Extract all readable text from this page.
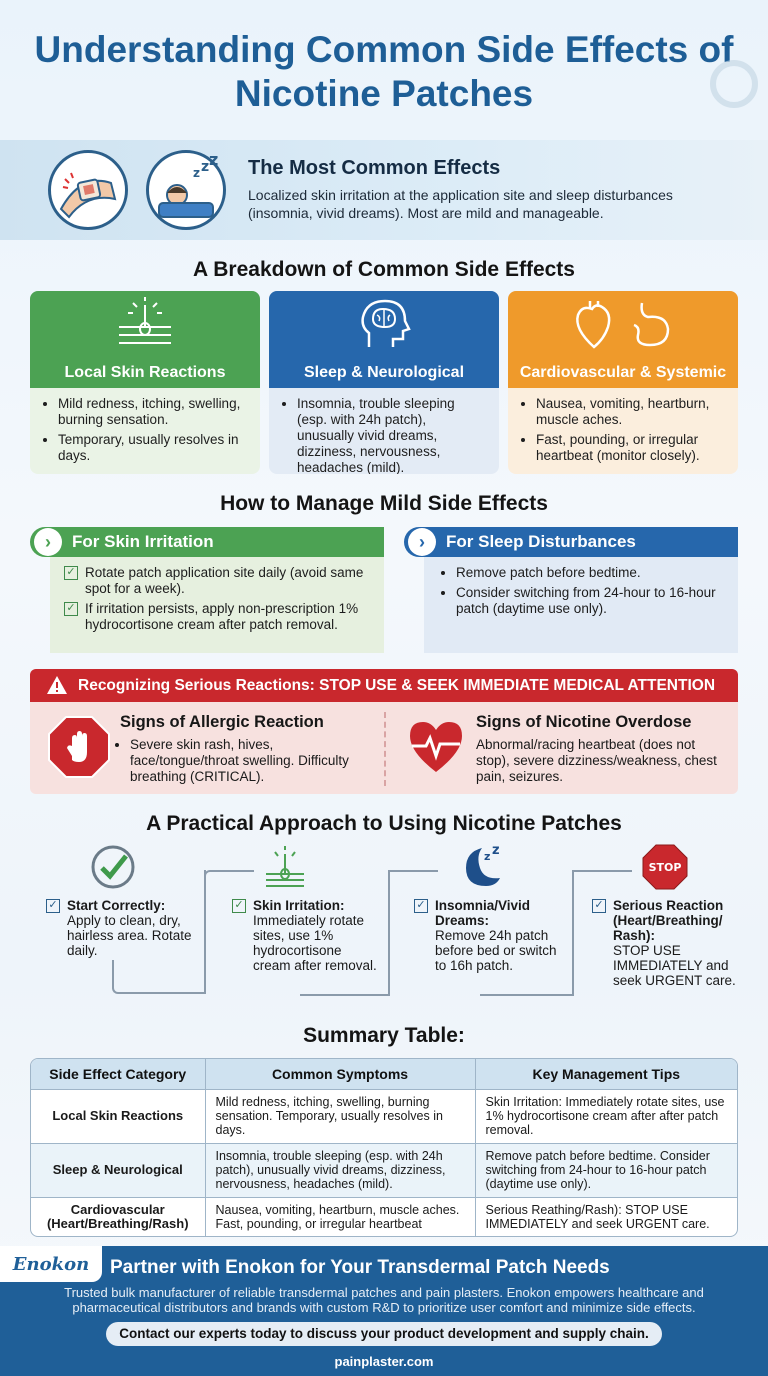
Understanding Common Side Effects of Nicotine Patches
z z z The Most Common Effects
Localized skin irritation at the application site and sleep disturbances (insomnia, vivid dreams). Most are mild and manageable.
A Breakdown of Common Side Effects
Local Skin Reactions
• Mild redness, itching, swelling, burning sensation.
• Temporary, usually resolves in days.
Sleep & Neurological
• Insomnia, trouble sleeping (esp. with 24h patch), unusually vivid dreams, dizziness, nervousness, headaches (mild).
Cardiovascular & Systemic
• Nausea, vomiting, heartburn, muscle aches.
• Fast, pounding, or irregular heartbeat (monitor closely).
How to Manage Mild Side Effects
›	For Skin Irritation
✓ Rotate patch application site daily (avoid same spot for a week).
✓ If irritation persists, apply non-prescription 1% hydrocortisone cream after patch removal.
›	For Sleep Disturbances
• Remove patch before bedtime.
• Consider switching from 24-hour to 16-hour patch (daytime use only).
Recognizing Serious Reactions: STOP USE & SEEK IMMEDIATE MEDICAL ATTENTION
Signs of Allergic Reaction
• Severe skin rash, hives, face/tongue/throat swelling. Difficulty breathing (CRITICAL).
Signs of Nicotine Overdose
Abnormal/racing heartbeat (does not stop), severe dizziness/weakness, chest pain, seizures.
A Practical Approach to Using Nicotine Patches
z z
STOP
✓ Start Correctly:
Apply to clean, dry, hairless area. Rotate daily.
✓ Skin Irritation:
Immediately rotate sites, use 1% hydrocortisone cream after removal.
✓ Insomnia/Vivid Dreams:
Remove 24h patch before bed or switch to 16h patch.
✓ Serious Reaction (Heart/Breathing/ Rash):
STOP USE IMMEDIATELY and seek URGENT care.
Summary Table:
Side Effect Category	Common Symptoms	Key Management Tips
Local Skin Reactions	Mild redness, itching, swelling, burning sensation. Temporary, usually resolves in days.	Skin Irritation: Immediately rotate sites, use 1% hydrocortisone cream after after patch removal.
Sleep & Neurological	Insomnia, trouble sleeping (esp. with 24h patch), unusually vivid dreams, dizziness, nervousness, headaches (mild).	Remove patch before bedtime. Consider switching from 24-hour to 16-hour patch (daytime use only).
Cardiovascular (Heart/Breathing/Rash)	Nausea, vomiting, heartburn, muscle aches. Fast, pounding, or irregular heartbeat	Serious Reathing/Rash): STOP USE IMMEDIATELY and seek URGENT care.
Enokon	Partner with Enokon for Your Transdermal Patch Needs
Trusted bulk manufacturer of reliable transdermal patches and pain plasters. Enokon empowers healthcare and pharmaceutical distributors and brands with custom R&D to prioritize user comfort and minimize side effects.
Contact our experts today to discuss your product development and supply chain.
painplaster.com
